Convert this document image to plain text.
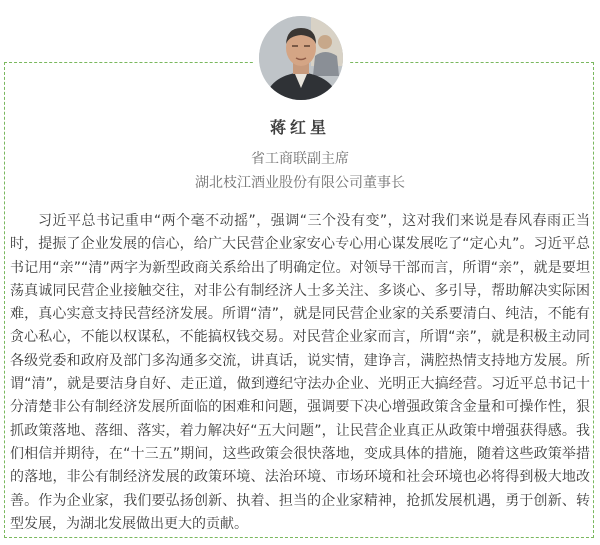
蒋红星
省工商联副主席
湖北枝江酒业股份有限公司董事长

习近平总书记重申“两个毫不动摇”，强调“三个没有变”，这对我们来说是春风春雨正当时，提振了企业发展的信心，给广大民营企业家安心专心用心谋发展吃了“定心丸”。习近平总书记用“亲”“清”两字为新型政商关系给出了明确定位。对领导干部而言，所谓“亲”，就是要坦荡真诚同民营企业接触交往，对非公有制经济人士多关注、多谈心、多引导，帮助解决实际困难，真心实意支持民营经济发展。所谓“清”，就是同民营企业家的关系要清白、纯洁，不能有贪心私心，不能以权谋私，不能搞权钱交易。对民营企业家而言，所谓“亲”，就是积极主动同各级党委和政府及部门多沟通多交流，讲真话，说实情，建诤言，满腔热情支持地方发展。所谓“清”，就是要洁身自好、走正道，做到遵纪守法办企业、光明正大搞经营。习近平总书记十分清楚非公有制经济发展所面临的困难和问题，强调要下决心增强政策含金量和可操作性，狠抓政策落地、落细、落实，着力解决好“五大问题”，让民营企业真正从政策中增强获得感。我们相信并期待，在“十三五”期间，这些政策会很快落地，变成具体的措施，随着这些政策举措的落地，非公有制经济发展的政策环境、法治环境、市场环境和社会环境也必将得到极大地改善。作为企业家，我们要弘扬创新、执着、担当的企业家精神，抢抓发展机遇，勇于创新、转型发展，为湖北发展做出更大的贡献。
